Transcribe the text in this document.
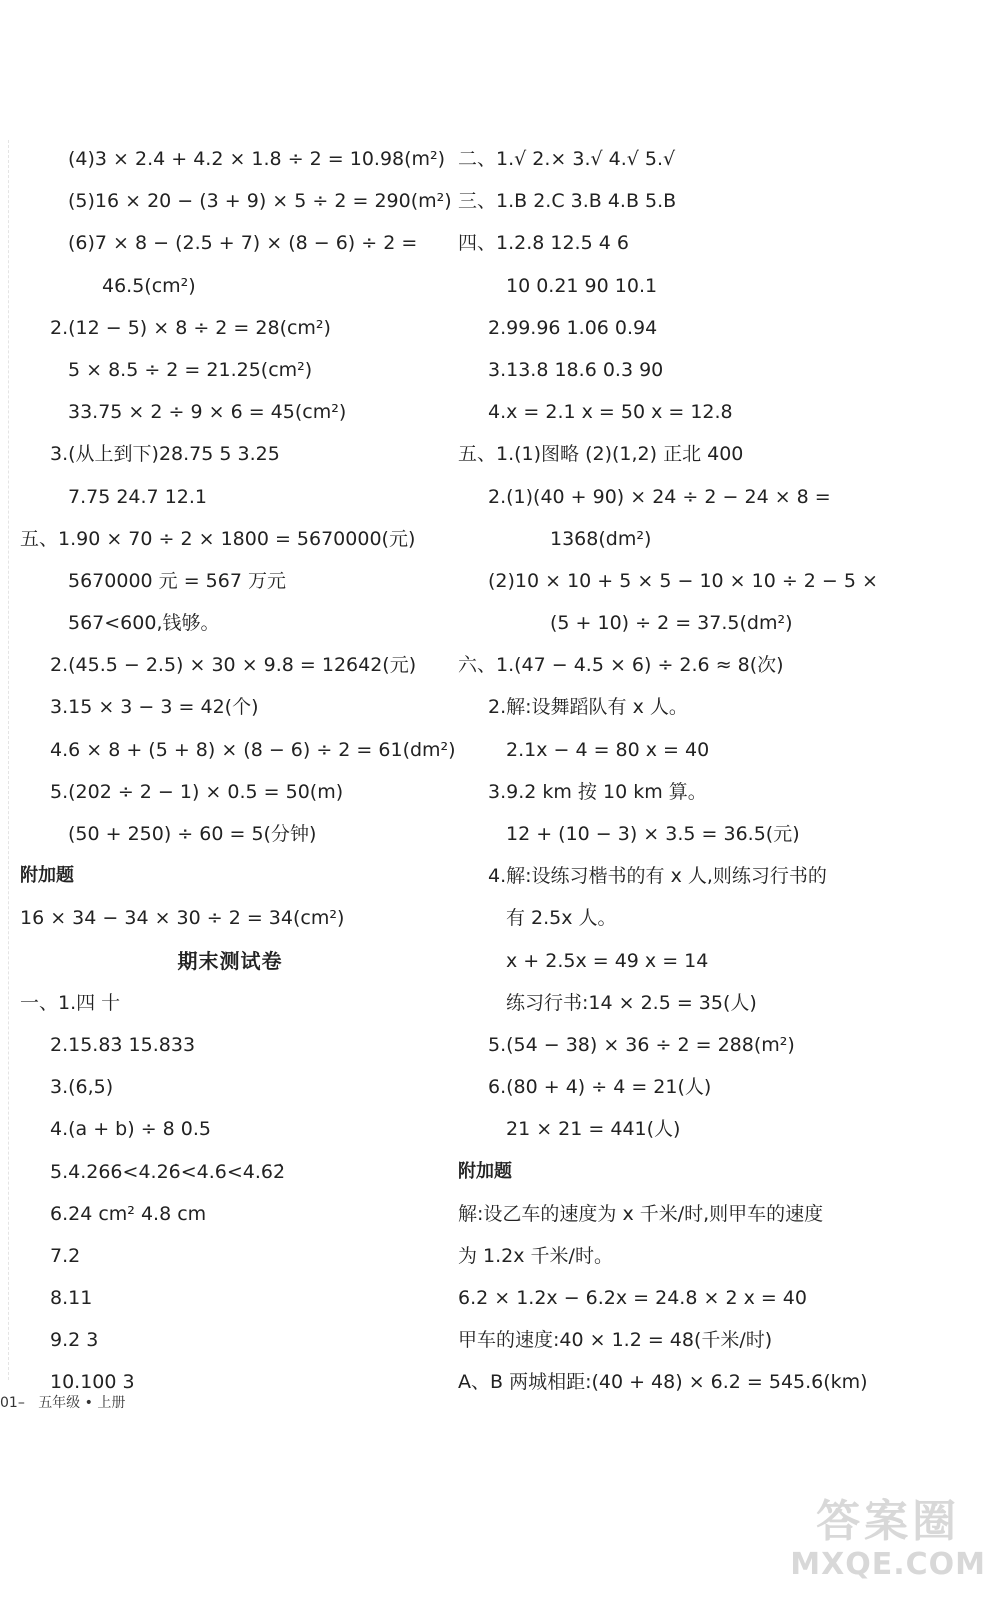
(4)3 × 2.4 + 4.2 × 1.8 ÷ 2 = 10.98(m²)
(5)16 × 20 − (3 + 9) × 5 ÷ 2 = 290(m²)
(6)7 × 8 − (2.5 + 7) × (8 − 6) ÷ 2 =
46.5(cm²)
2.(12 − 5) × 8 ÷ 2 = 28(cm²)
5 × 8.5 ÷ 2 = 21.25(cm²)
33.75 × 2 ÷ 9 × 6 = 45(cm²)
3.(从上到下)28.75 5 3.25
7.75 24.7 12.1
五、1.90 × 70 ÷ 2 × 1800 = 5670000(元)
5670000 元 = 567 万元
567<600,钱够。
2.(45.5 − 2.5) × 30 × 9.8 = 12642(元)
3.15 × 3 − 3 = 42(个)
4.6 × 8 + (5 + 8) × (8 − 6) ÷ 2 = 61(dm²)
5.(202 ÷ 2 − 1) × 0.5 = 50(m)
(50 + 250) ÷ 60 = 5(分钟)
附加题
16 × 34 − 34 × 30 ÷ 2 = 34(cm²)
期末测试卷
一、1.四 十
2.15.83̇ 15.833
3.(6,5)
4.(a + b) ÷ 8 0.5
5.4.266<4.26̇<4.6<4.62̇
6.24 cm² 4.8 cm
7.2
8.11
9.2 3
10.100 3
二、1.√ 2.× 3.√ 4.√ 5.√
三、1.B 2.C 3.B 4.B 5.B
四、1.2.8 12.5 4 6
10 0.21 90 10.1
2.99.96 1.06 0.94
3.13.8 18.6 0.3 90
4.x = 2.1 x = 50 x = 12.8
五、1.(1)图略 (2)(1,2) 正北 400
2.(1)(40 + 90) × 24 ÷ 2 − 24 × 8 =
1368(dm²)
(2)10 × 10 + 5 × 5 − 10 × 10 ÷ 2 − 5 ×
(5 + 10) ÷ 2 = 37.5(dm²)
六、1.(47 − 4.5 × 6) ÷ 2.6 ≈ 8(次)
2.解:设舞蹈队有 x 人。
2.1x − 4 = 80 x = 40
3.9.2 km 按 10 km 算。
12 + (10 − 3) × 3.5 = 36.5(元)
4.解:设练习楷书的有 x 人,则练习行书的
有 2.5x 人。
x + 2.5x = 49 x = 14
练习行书:14 × 2.5 = 35(人)
5.(54 − 38) × 36 ÷ 2 = 288(m²)
6.(80 + 4) ÷ 4 = 21(人)
21 × 21 = 441(人)
附加题
解:设乙车的速度为 x 千米/时,则甲车的速度
为 1.2x 千米/时。
6.2 × 1.2x − 6.2x = 24.8 × 2 x = 40
甲车的速度:40 × 1.2 = 48(千米/时)
A、B 两城相距:(40 + 48) × 6.2 = 545.6(km)
01– 五年级 • 上册
答案圈
MXQE.COM
